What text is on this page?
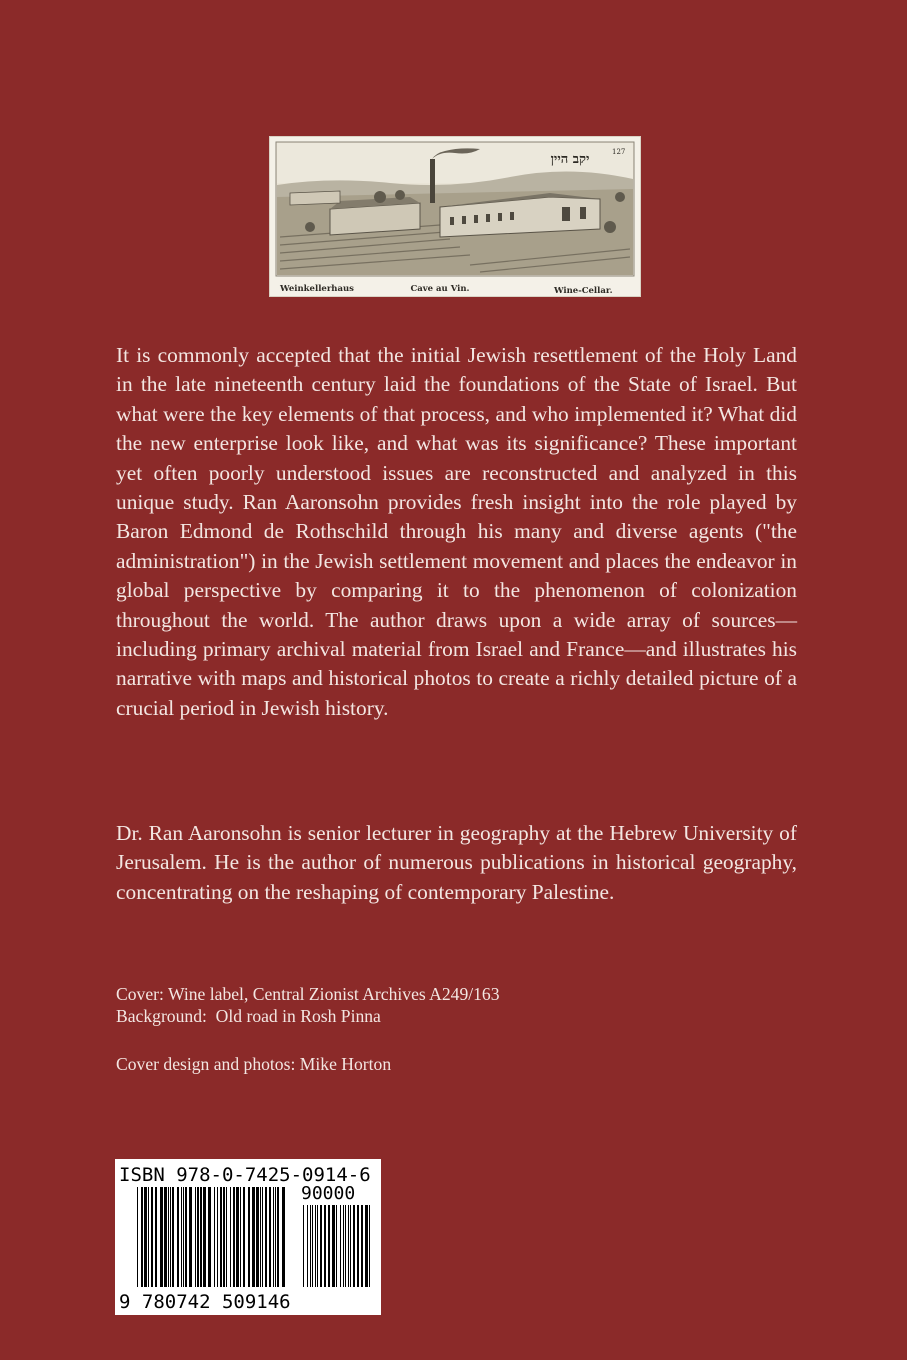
יקב היין	127
Weinkellerhaus	Cave au Vin.	Wine-Cellar.

It is commonly accepted that the initial Jewish resettlement of the Holy Land in the late nineteenth century laid the foundations of the State of Israel. But what were the key elements of that process, and who implemented it? What did the new enterprise look like, and what was its significance? These important yet often poorly understood issues are reconstructed and analyzed in this unique study. Ran Aaronsohn provides fresh insight into the role played by Baron Edmond de Rothschild through his many and diverse agents ("the administration") in the Jewish settlement movement and places the endeavor in global perspective by comparing it to the phenomenon of colonization throughout the world. The author draws upon a wide array of sources—including primary archival material from Israel and France—and illustrates his narrative with maps and historical photos to create a richly detailed picture of a crucial period in Jewish history.

Dr. Ran Aaronsohn is senior lecturer in geography at the Hebrew University of Jerusalem. He is the author of numerous publications in historical geography, concentrating on the reshaping of contemporary Palestine.

Cover: Wine label, Central Zionist Archives A249/163
Background:  Old road in Rosh Pinna
Cover design and photos: Mike Horton
ISBN 978-0-7425-0914-6
90000
9 780742 509146
